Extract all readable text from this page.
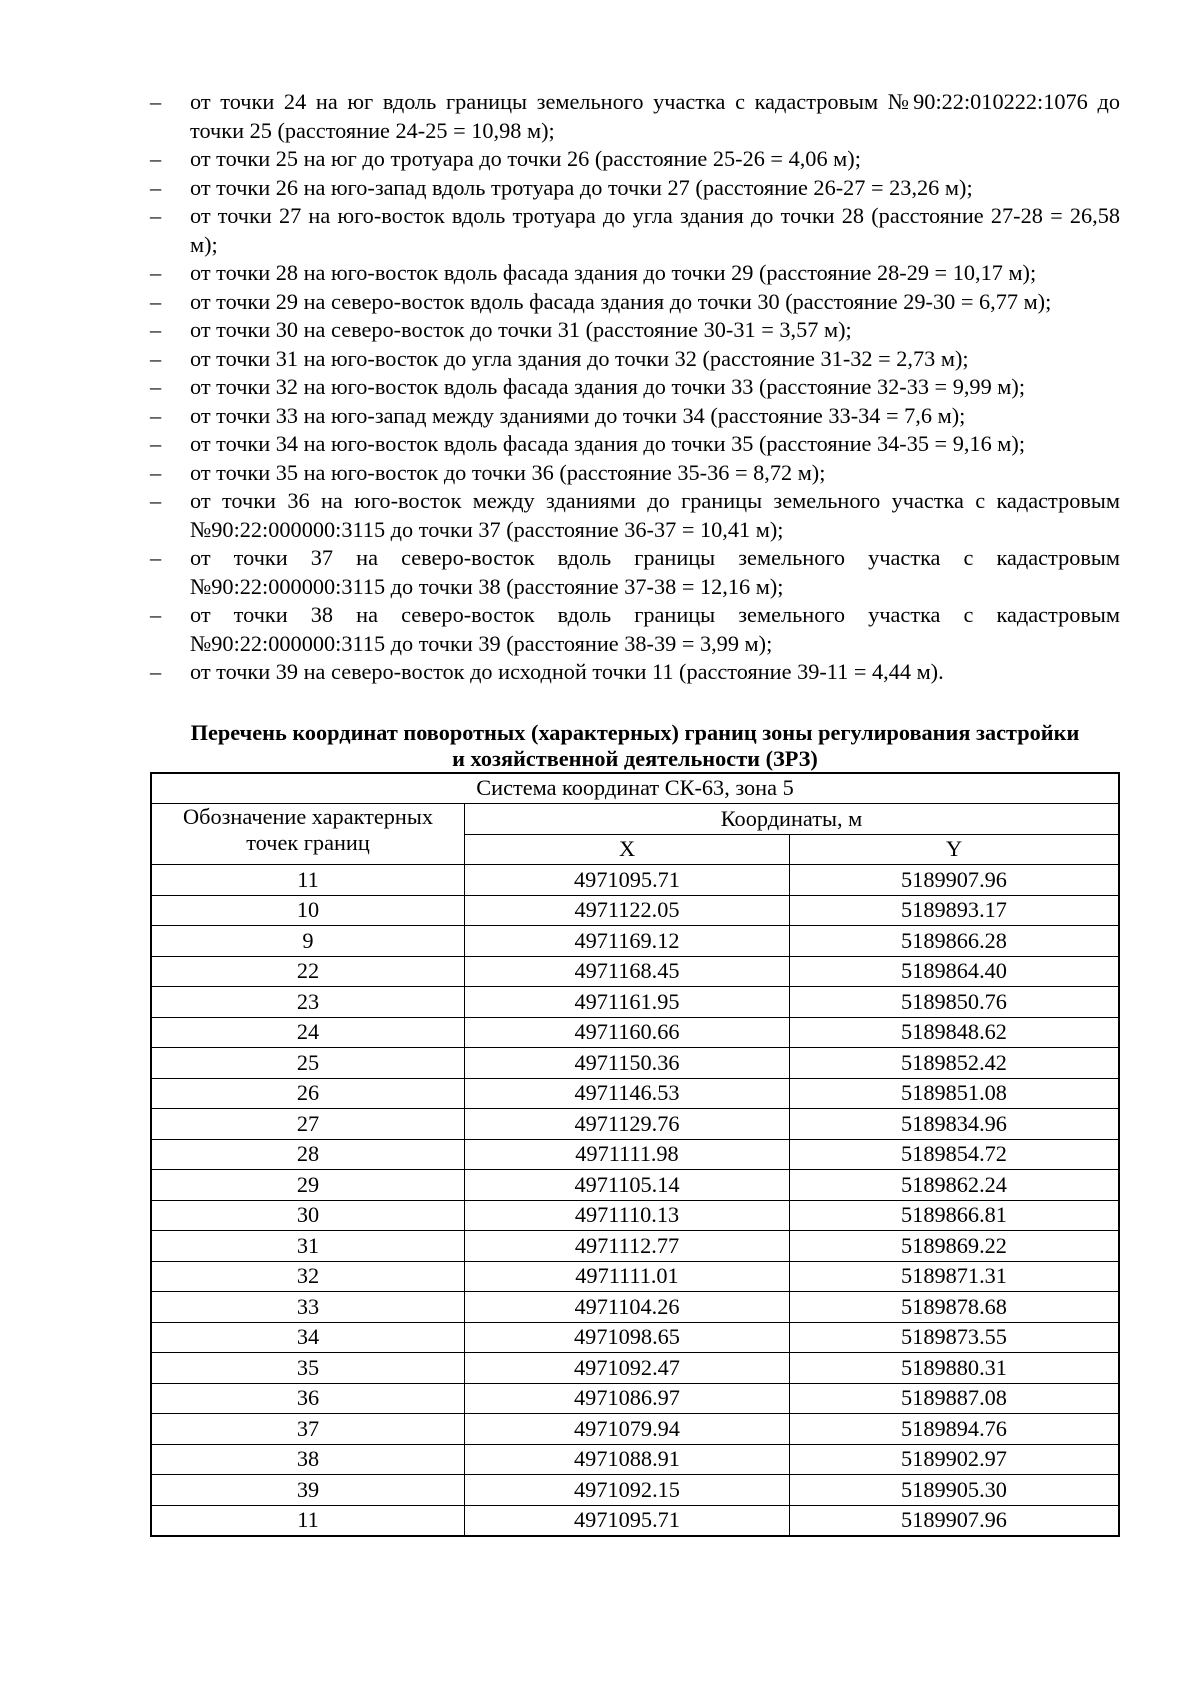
– от точки 24 на юг вдоль границы земельного участка с кадастровым №90:22:010222:1076 до точки 25 (расстояние 24-25 = 10,98 м);
– от точки 25 на юг до тротуара до точки 26 (расстояние 25-26 = 4,06 м);
– от точки 26 на юго-запад вдоль тротуара до точки 27 (расстояние 26-27 = 23,26 м);
– от точки 27 на юго-восток вдоль тротуара до угла здания до точки 28 (расстояние 27-28 = 26,58 м);
– от точки 28 на юго-восток вдоль фасада здания до точки 29 (расстояние 28-29 = 10,17 м);
– от точки 29 на северо-восток вдоль фасада здания до точки 30 (расстояние 29-30 = 6,77 м);
– от точки 30 на северо-восток до точки 31 (расстояние 30-31 = 3,57 м);
– от точки 31 на юго-восток до угла здания до точки 32 (расстояние 31-32 = 2,73 м);
– от точки 32 на юго-восток вдоль фасада здания до точки 33 (расстояние 32-33 = 9,99 м);
– от точки 33 на юго-запад между зданиями до точки 34 (расстояние 33-34 = 7,6 м);
– от точки 34 на юго-восток вдоль фасада здания до точки 35 (расстояние 34-35 = 9,16 м);
– от точки 35 на юго-восток до точки 36 (расстояние 35-36 = 8,72 м);
– от точки 36 на юго-восток между зданиями до границы земельного участка с кадастровым №90:22:000000:3115 до точки 37 (расстояние 36-37 = 10,41 м);
– от точки 37 на северо-восток вдоль границы земельного участка с кадастровым №90:22:000000:3115 до точки 38 (расстояние 37-38 = 12,16 м);
– от точки 38 на северо-восток вдоль границы земельного участка с кадастровым №90:22:000000:3115 до точки 39 (расстояние 38-39 = 3,99 м);
– от точки 39 на северо-восток до исходной точки 11 (расстояние 39-11 = 4,44 м).
Перечень координат поворотных (характерных) границ зоны регулирования застройки
и хозяйственной деятельности (ЗРЗ)
Система координат СК-63, зона 5		

Обозначение характерных
точек границ	Координаты, м	
	X	Y
11	4971095.71	5189907.96
10	4971122.05	5189893.17
9	4971169.12	5189866.28
22	4971168.45	5189864.40
23	4971161.95	5189850.76
24	4971160.66	5189848.62
25	4971150.36	5189852.42
26	4971146.53	5189851.08
27	4971129.76	5189834.96
28	4971111.98	5189854.72
29	4971105.14	5189862.24
30	4971110.13	5189866.81
31	4971112.77	5189869.22
32	4971111.01	5189871.31
33	4971104.26	5189878.68
34	4971098.65	5189873.55
35	4971092.47	5189880.31
36	4971086.97	5189887.08
37	4971079.94	5189894.76
38	4971088.91	5189902.97
39	4971092.15	5189905.30
11	4971095.71	5189907.96
